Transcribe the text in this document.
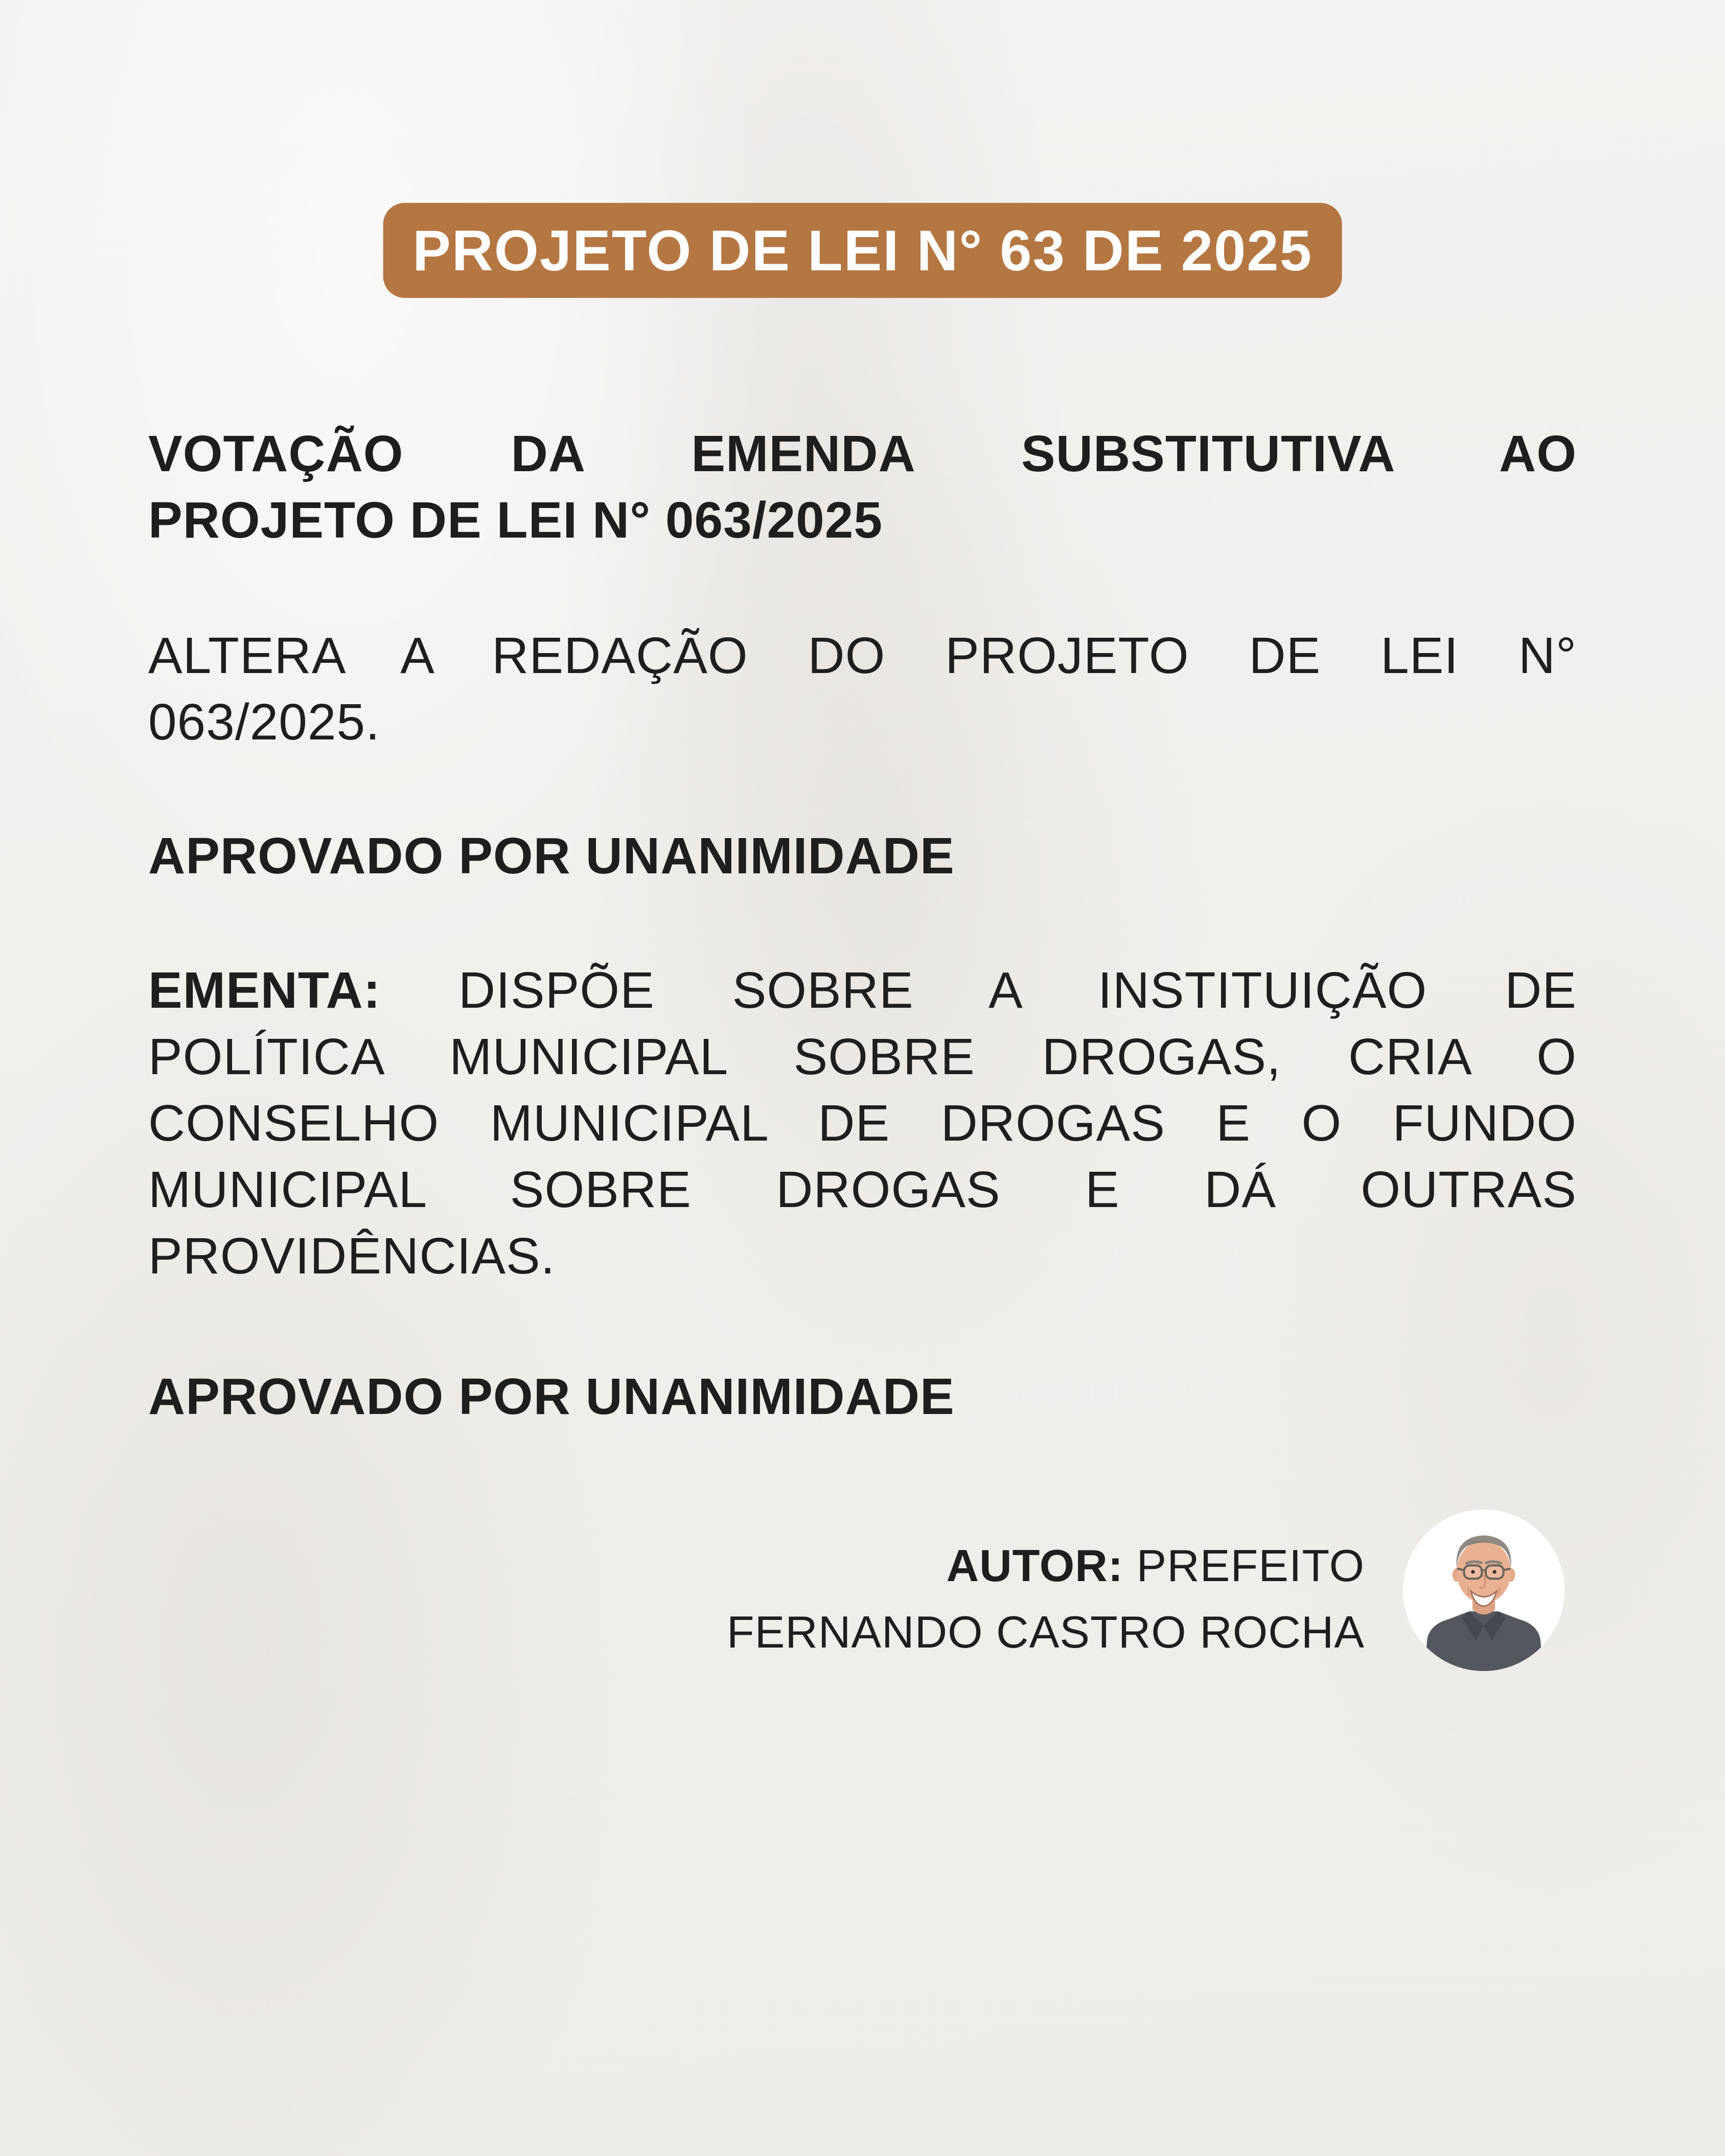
PROJETO DE LEI N° 63 DE 2025
VOTAÇÃO DA EMENDA SUBSTITUTIVA AO
PROJETO DE LEI N° 063/2025
ALTERA A REDAÇÃO DO PROJETO DE LEI N°
063/2025.
APROVADO POR UNANIMIDADE
EMENTA: DISPÕE SOBRE A INSTITUIÇÃO DE
POLÍTICA MUNICIPAL SOBRE DROGAS, CRIA O
CONSELHO MUNICIPAL DE DROGAS E O FUNDO
MUNICIPAL SOBRE DROGAS E DÁ OUTRAS
PROVIDÊNCIAS.
APROVADO POR UNANIMIDADE
AUTOR: PREFEITO
FERNANDO CASTRO ROCHA
